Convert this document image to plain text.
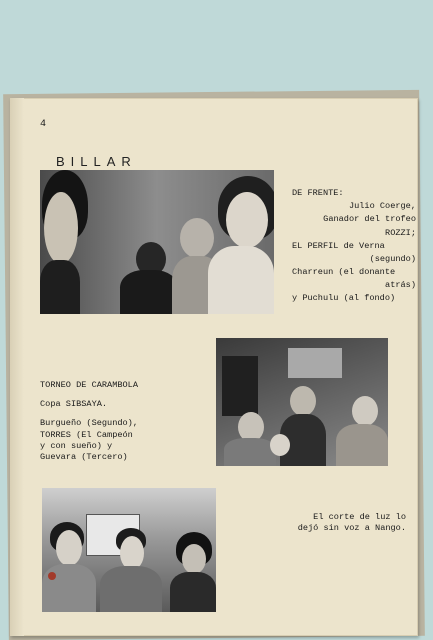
4
BILLAR
DE FRENTE:
Julio Coerge,
Ganador del trofeo
ROZZI;
EL PERFIL de Verna
(segundo)
Charreun (el donante
atrás)
y Puchulu (al fondo)
TORNEO DE CARAMBOLA
Copa SIBSAYA.
Burgueño (Segundo),
TORRES (El Campeón
y con sueño) y
Guevara (Tercero)
El corte de luz lo
dejó sin voz a Nango.
